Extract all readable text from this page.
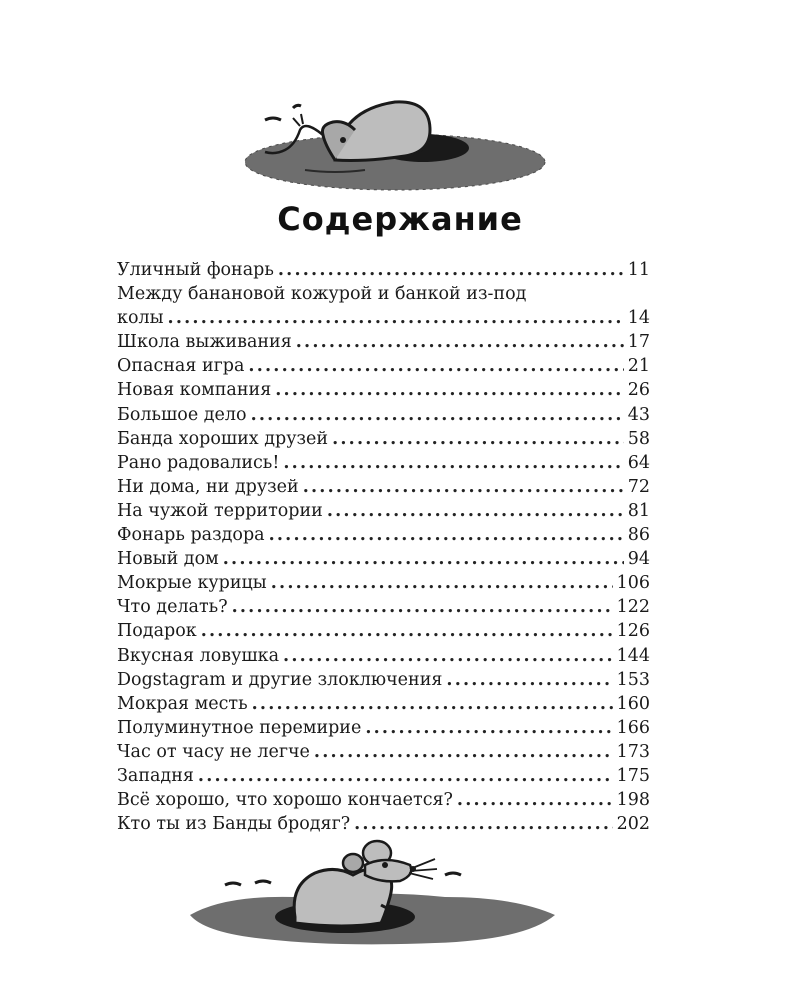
Содержание
Уличный фонарь .....	11
Между банановой кожурой и банкой из-под
колы .....	14
Школа выживания .....	17
Опасная игра .....	21
Новая компания .....	26
Большое дело .....	43
Банда хороших друзей .....	58
Рано радовались! .....	64
Ни дома, ни друзей .....	72
На чужой территории .....	81
Фонарь раздора .....	86
Новый дом .....	94
Мокрые курицы .....	106
Что делать? .....	122
Подарок .....	126
Вкусная ловушка .....	144
Dogstagram и другие злоключения .....	153
Мокрая месть .....	160
Полуминутное перемирие .....	166
Час от часу не легче .....	173
Западня .....	175
Всё хорошо, что хорошо кончается? .....	198
Кто ты из Банды бродяг? .....	202
